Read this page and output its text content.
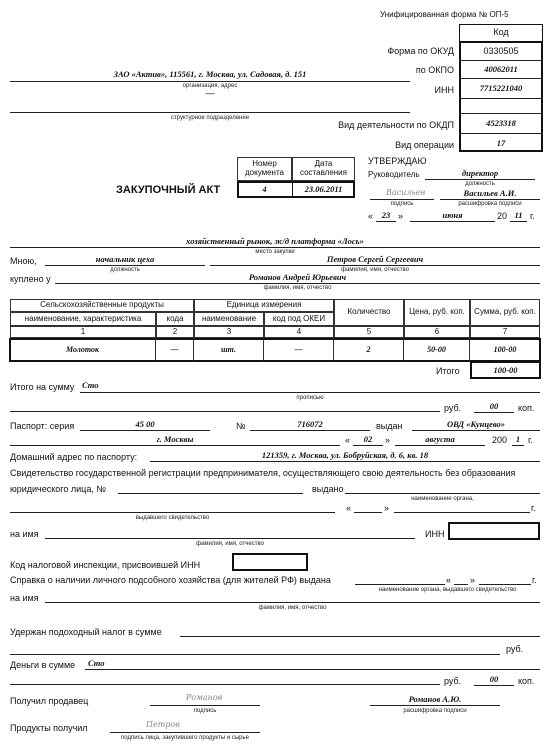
Унифицированная форма № ОП-5
Код
Форма по ОКУД	0330505
по ОКПО	40062011
ИНН	7715221040
Вид деятельности по ОКДП	4523318
Вид операции	17
ЗАО «Актив», 115561, г. Москва, ул. Садовая, д. 151
организация, адрес
—
структурное подразделение
ЗАКУПОЧНЫЙ АКТ
Номер документа
Дата составления
4	23.06.2011
УТВЕРЖДАЮ
Руководитель	директор
должность
Васильев
подпись
Васильев А.И.
расшифровка подписи
«	23 »	июня	20 11 г.
хозяйственный рынок, ж/д платформа «Лось»
место закупки
Мною,	начальник цеха
должность
Петров Сергей Сергеевич
фамилия, имя, отчество
куплено у	Романов Андрей Юрьевич
фамилия, имя, отчество
Сельскохозяйственные продукты	Единица измерения
Количество	Цена, руб. коп.	Сумма, руб. коп.
наименование, характеристика	кода	наименование	код под ОКЕИ
1	2	3	4	5	6	7
Молоток	—	шт.	—	2	50-00	100-00
Итого	100-00
Итого на сумму Сто
прописью
руб.	00	коп.
Паспорт: серия	45 00	№	716072	выдан	ОВД «Кунцево»
г. Москвы	«	02	»	августа	200	1 г.
Домашний адрес по паспорту:	121359, г. Москва, ул. Бобруйская, д. 6, кв. 18
Свидетельство государственной регистрации предпринимателя, осуществляющего свою деятельность без образования
юридического лица, №	выдано
наименование органа,
выдавшего свидетельство
«	»	г.
на имя
фамилия, имя, отчество
ИНН
Код налоговой инспекции, присвоившей ИНН
Справка о наличии личного подсобного хозяйства (для жителей РФ) выдана	« »	г.
наименование органа, выдавшего свидетельство
на имя
фамилия, имя, отчество
Удержан подоходный налог в сумме
руб.
Деньги в сумме Сто
руб.	00	коп.
Получил продавец	Романов
подпись
Романов А.Ю.
расшифровка подписи
Продукты получил	Петров
подпись лица, закупившего продукты и сырье
